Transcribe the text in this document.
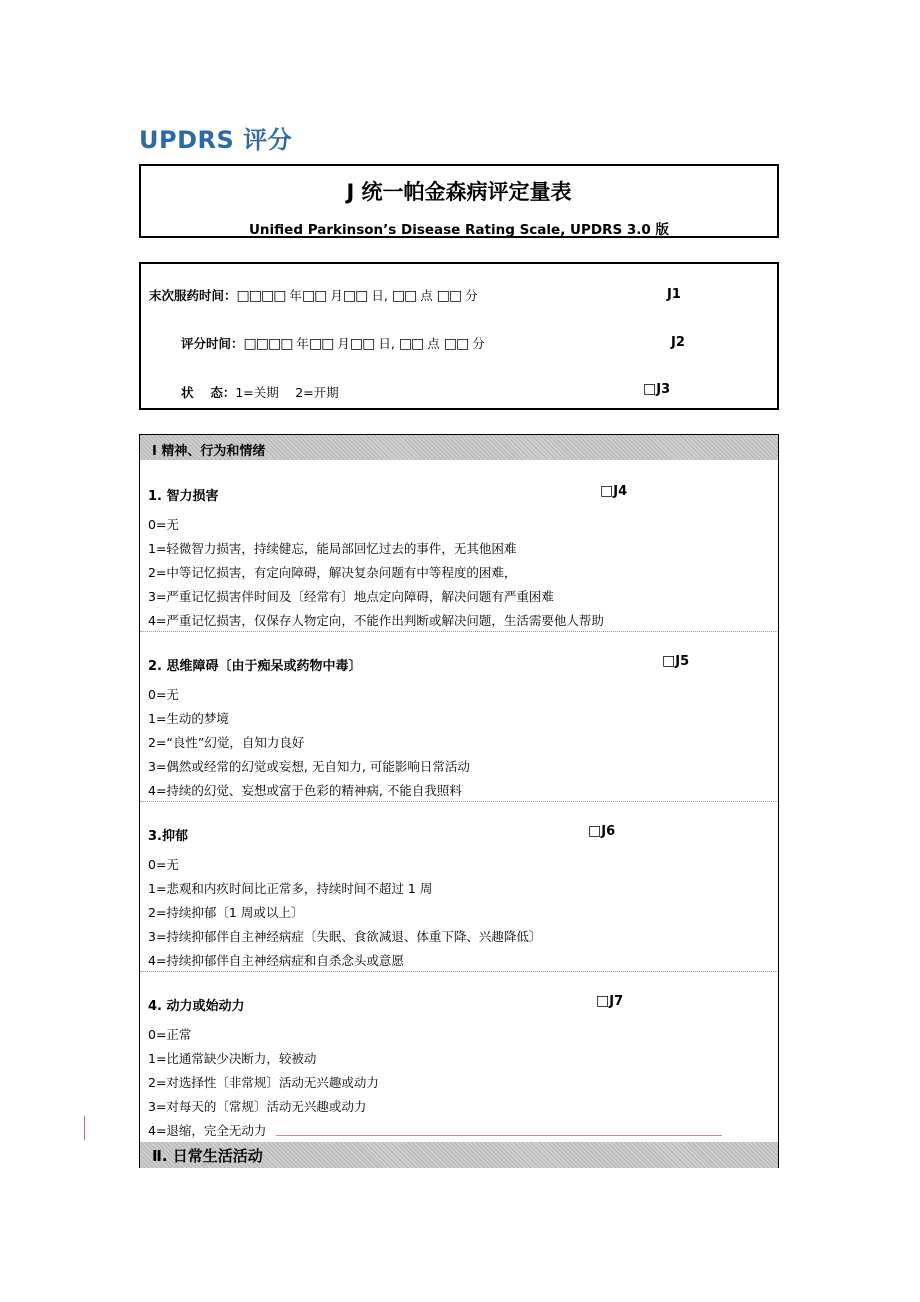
UPDRS 评分
J 统一帕金森病评定量表
Unified Parkinson’s Disease Rating Scale, UPDRS 3.0 版
末次服药时间：□□□□ 年□□ 月□□ 日, □□ 点 □□ 分	J1
评分时间：□□□□ 年□□ 月□□ 日, □□ 点 □□ 分	J2
状　 态：1=关期　 2=开期	□J3
Ⅰ 精神、行为和情绪
1. 智力损害	□J4
0=无
1=轻微智力损害，持续健忘，能局部回忆过去的事件，无其他困难
2=中等记忆损害，有定向障碍，解决复杂问题有中等程度的困难，
3=严重记忆损害伴时间及〔经常有〕地点定向障碍，解决问题有严重困难
4=严重记忆损害，仅保存人物定向，不能作出判断或解决问题，生活需要他人帮助
2. 思维障碍〔由于痴呆或药物中毒〕	□J5
0=无
1=生动的梦境
2=“良性”幻觉，自知力良好
3=偶然或经常的幻觉或妄想, 无自知力, 可能影响日常活动
4=持续的幻觉、妄想或富于色彩的精神病, 不能自我照料
3.抑郁	□J6
0=无
1=悲观和内疚时间比正常多，持续时间不超过 1 周
2=持续抑郁〔1 周或以上〕
3=持续抑郁伴自主神经病症〔失眠、食欲减退、体重下降、兴趣降低〕
4=持续抑郁伴自主神经病症和自杀念头或意愿
4. 动力或始动力	□J7
0=正常
1=比通常缺少决断力，较被动
2=对选择性〔非常规〕活动无兴趣或动力
3=对每天的〔常规〕活动无兴趣或动力
4=退缩，完全无动力
Ⅱ. 日常生活活动
